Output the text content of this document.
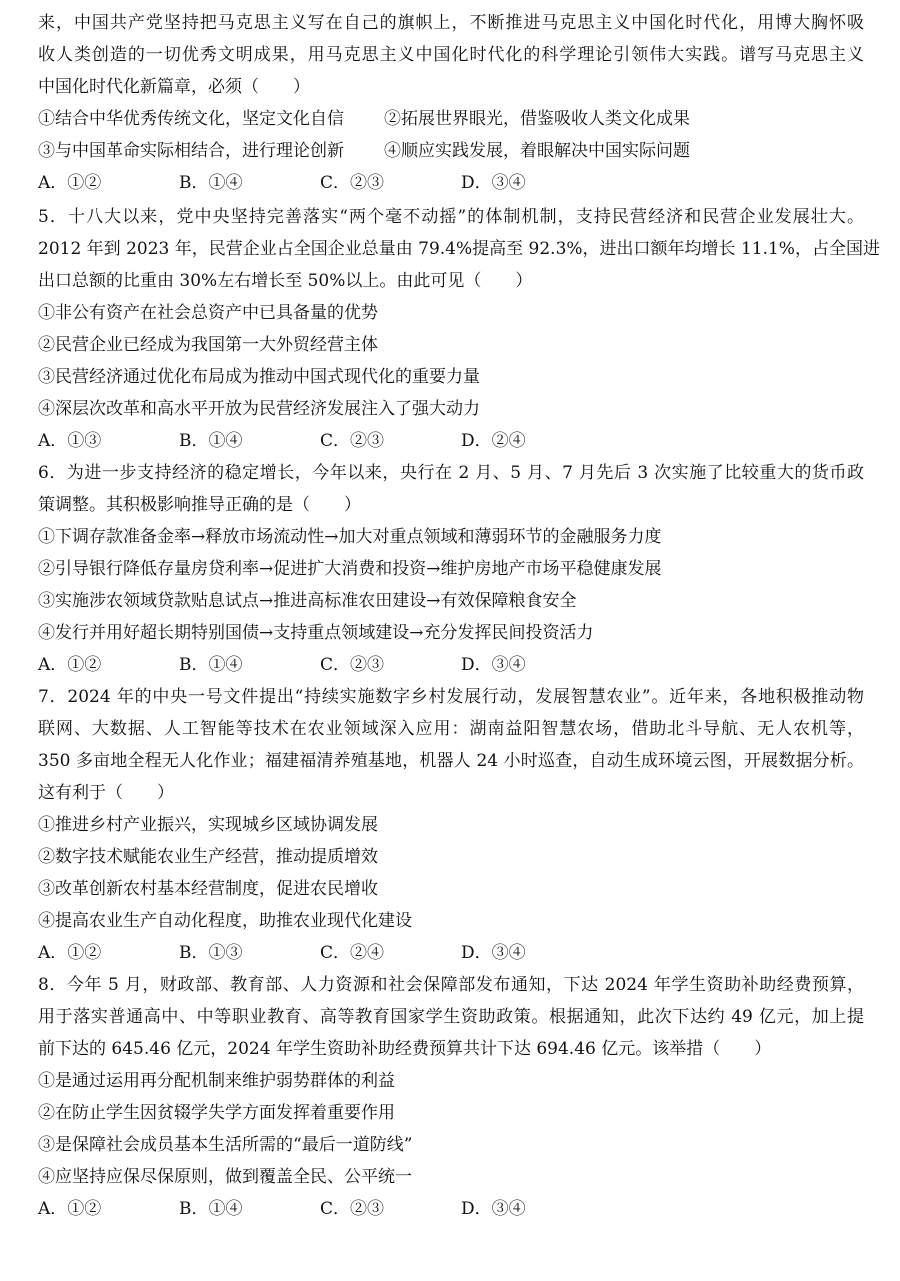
来，中国共产党坚持把马克思主义写在自己的旗帜上，不断推进马克思主义中国化时代化，用博大胸怀吸
收人类创造的一切优秀文明成果，用马克思主义中国化时代化的科学理论引领伟大实践。谱写马克思主义
中国化时代化新篇章，必须（　　）
①结合中华优秀传统文化，坚定文化自信 ②拓展世界眼光，借鉴吸收人类文化成果
③与中国革命实际相结合，进行理论创新 ④顺应实践发展，着眼解决中国实际问题
A．①②	B．①④	C．②③	D．③④
5．十八大以来，党中央坚持完善落实“两个毫不动摇”的体制机制，支持民营经济和民营企业发展壮大。
2012 年到 2023 年，民营企业占全国企业总量由 79.4%提高至 92.3%，进出口额年均增长 11.1%，占全国进
出口总额的比重由 30%左右增长至 50%以上。由此可见（　　）
①非公有资产在社会总资产中已具备量的优势
②民营企业已经成为我国第一大外贸经营主体
③民营经济通过优化布局成为推动中国式现代化的重要力量
④深层次改革和高水平开放为民营经济发展注入了强大动力
A．①③	B．①④	C．②③	D．②④
6．为进一步支持经济的稳定增长，今年以来，央行在 2 月、5 月、7 月先后 3 次实施了比较重大的货币政
策调整。其积极影响推导正确的是（　　）
①下调存款准备金率→释放市场流动性→加大对重点领域和薄弱环节的金融服务力度
②引导银行降低存量房贷利率→促进扩大消费和投资→维护房地产市场平稳健康发展
③实施涉农领域贷款贴息试点→推进高标准农田建设→有效保障粮食安全
④发行并用好超长期特别国债→支持重点领域建设→充分发挥民间投资活力
A．①②	B．①④	C．②③	D．③④
7．2024 年的中央一号文件提出“持续实施数字乡村发展行动，发展智慧农业”。近年来，各地积极推动物
联网、大数据、人工智能等技术在农业领域深入应用：湖南益阳智慧农场，借助北斗导航、无人农机等，
350 多亩地全程无人化作业；福建福清养殖基地，机器人 24 小时巡查，自动生成环境云图，开展数据分析。
这有利于（　　）
①推进乡村产业振兴，实现城乡区域协调发展
②数字技术赋能农业生产经营，推动提质增效
③改革创新农村基本经营制度，促进农民增收
④提高农业生产自动化程度，助推农业现代化建设
A．①②	B．①③	C．②④	D．③④
8．今年 5 月，财政部、教育部、人力资源和社会保障部发布通知，下达 2024 年学生资助补助经费预算，
用于落实普通高中、中等职业教育、高等教育国家学生资助政策。根据通知，此次下达约 49 亿元，加上提
前下达的 645.46 亿元，2024 年学生资助补助经费预算共计下达 694.46 亿元。该举措（　　）
①是通过运用再分配机制来维护弱势群体的利益
②在防止学生因贫辍学失学方面发挥着重要作用
③是保障社会成员基本生活所需的“最后一道防线”
④应坚持应保尽保原则，做到覆盖全民、公平统一
A．①②	B．①④	C．②③	D．③④
